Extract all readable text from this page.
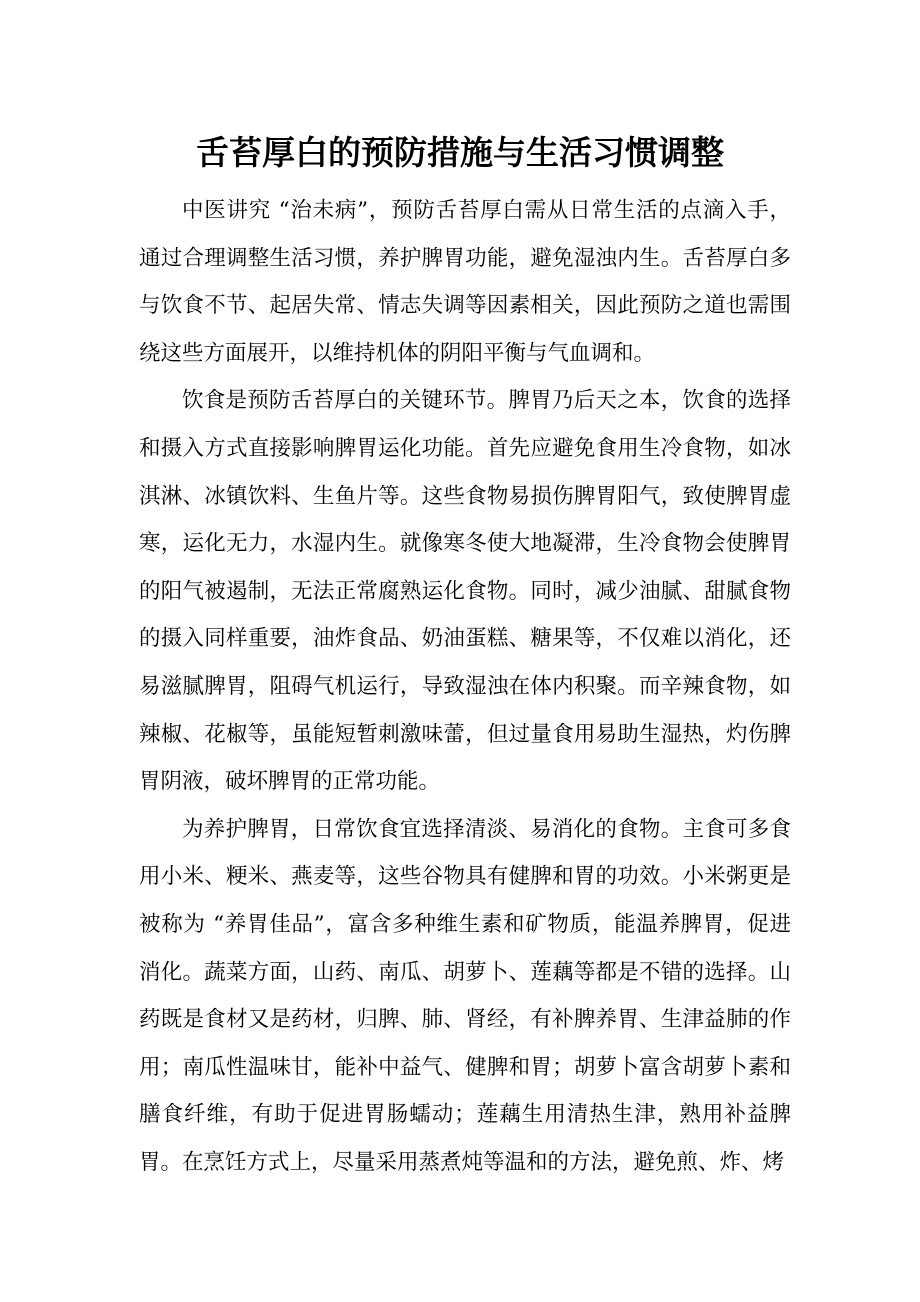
舌苔厚白的预防措施与生活习惯调整

中医讲究 “治未病”，预防舌苔厚白需从日常生活的点滴入手，通过合理调整生活习惯，养护脾胃功能，避免湿浊内生。舌苔厚白多与饮食不节、起居失常、情志失调等因素相关，因此预防之道也需围绕这些方面展开，以维持机体的阴阳平衡与气血调和。

饮食是预防舌苔厚白的关键环节。脾胃乃后天之本，饮食的选择和摄入方式直接影响脾胃运化功能。首先应避免食用生冷食物，如冰淇淋、冰镇饮料、生鱼片等。这些食物易损伤脾胃阳气，致使脾胃虚寒，运化无力，水湿内生。就像寒冬使大地凝滞，生冷食物会使脾胃的阳气被遏制，无法正常腐熟运化食物。同时，减少油腻、甜腻食物的摄入同样重要，油炸食品、奶油蛋糕、糖果等，不仅难以消化，还易滋腻脾胃，阻碍气机运行，导致湿浊在体内积聚。而辛辣食物，如辣椒、花椒等，虽能短暂刺激味蕾，但过量食用易助生湿热，灼伤脾胃阴液，破坏脾胃的正常功能。

为养护脾胃，日常饮食宜选择清淡、易消化的食物。主食可多食用小米、粳米、燕麦等，这些谷物具有健脾和胃的功效。小米粥更是被称为 “养胃佳品”，富含多种维生素和矿物质，能温养脾胃，促进消化。蔬菜方面，山药、南瓜、胡萝卜、莲藕等都是不错的选择。山药既是食材又是药材，归脾、肺、肾经，有补脾养胃、生津益肺的作用；南瓜性温味甘，能补中益气、健脾和胃；胡萝卜富含胡萝卜素和膳食纤维，有助于促进胃肠蠕动；莲藕生用清热生津，熟用补益脾胃。在烹饪方式上，尽量采用蒸煮炖等温和的方法，避免煎、炸、烤
